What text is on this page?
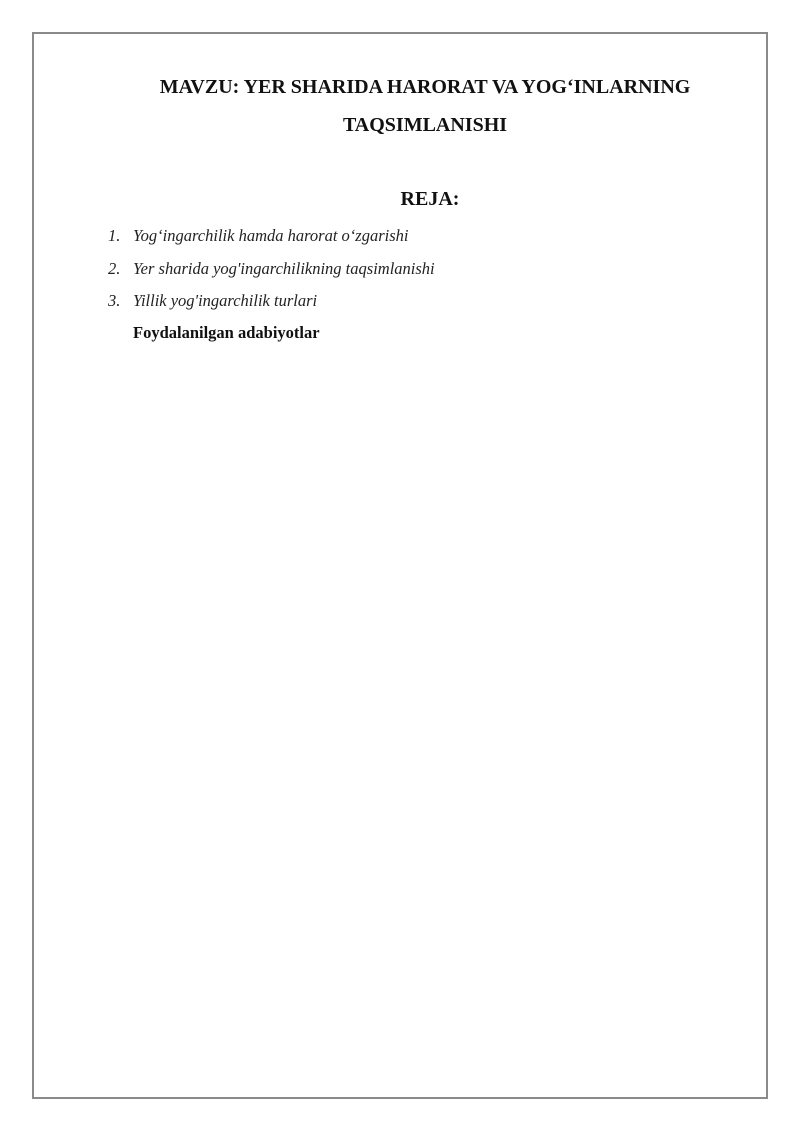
MAVZU: YER SHARIDA HARORAT VA YOG‘INLARNING
TAQSIMLANISHI
REJA:
1. Yog‘ingarchilik hamda harorat o‘zgarishi
2. Yer sharida yog'ingarchilikning taqsimlanishi
3. Yillik yog'ingarchilik turlari
Foydalanilgan adabiyotlar
